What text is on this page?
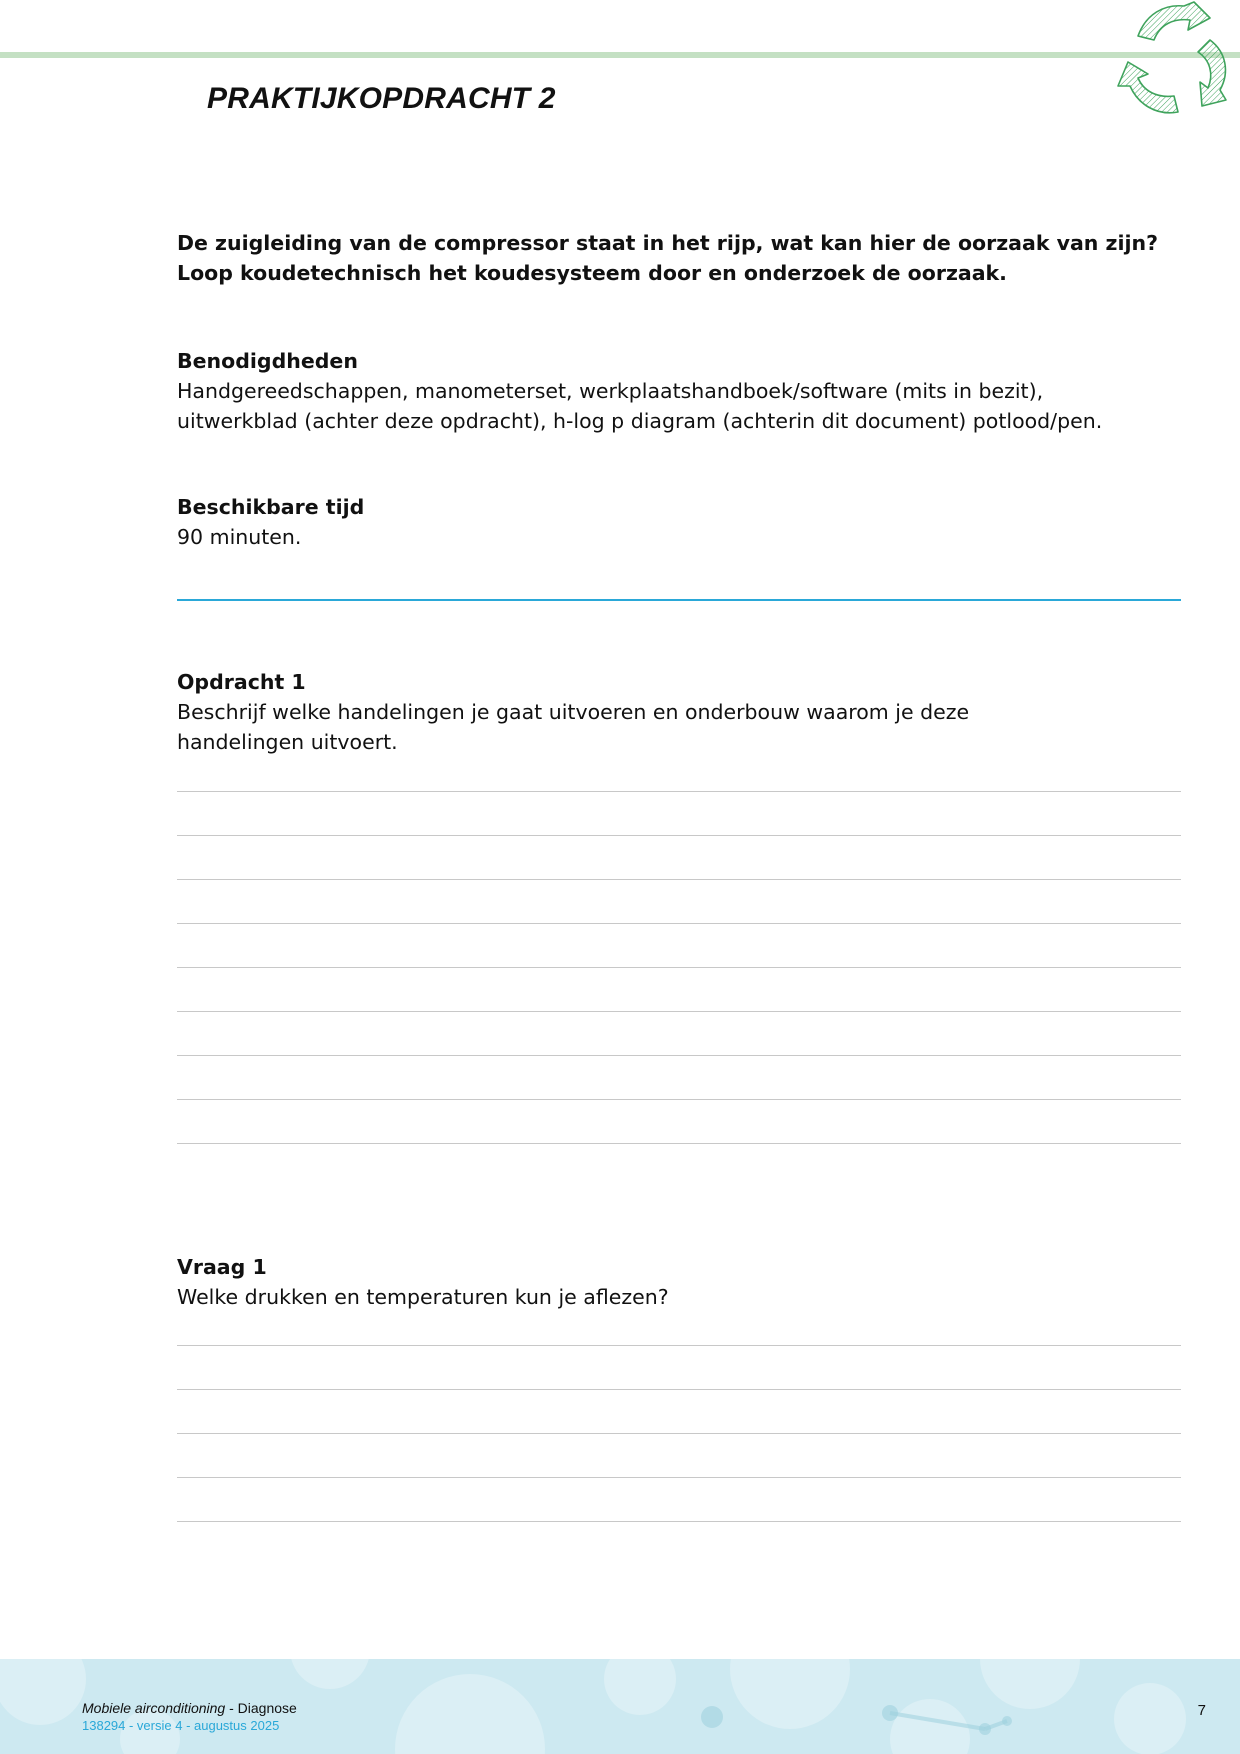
PRAKTIJKOPDRACHT 2
De zuigleiding van de compressor staat in het rijp, wat kan hier de oorzaak van zijn?
Loop koudetechnisch het koudesysteem door en onderzoek de oorzaak.
Benodigdheden
Handgereedschappen, manometerset, werkplaatshandboek/software (mits in bezit),
uitwerkblad (achter deze opdracht), h-log p diagram (achterin dit document) potlood/pen.
Beschikbare tijd
90 minuten.
Opdracht 1
Beschrijf welke handelingen je gaat uitvoeren en onderbouw waarom je deze
handelingen uitvoert.
Vraag 1
Welke drukken en temperaturen kun je aflezen?
Mobiele airconditioning - Diagnose
138294 - versie 4 - augustus 2025
7
